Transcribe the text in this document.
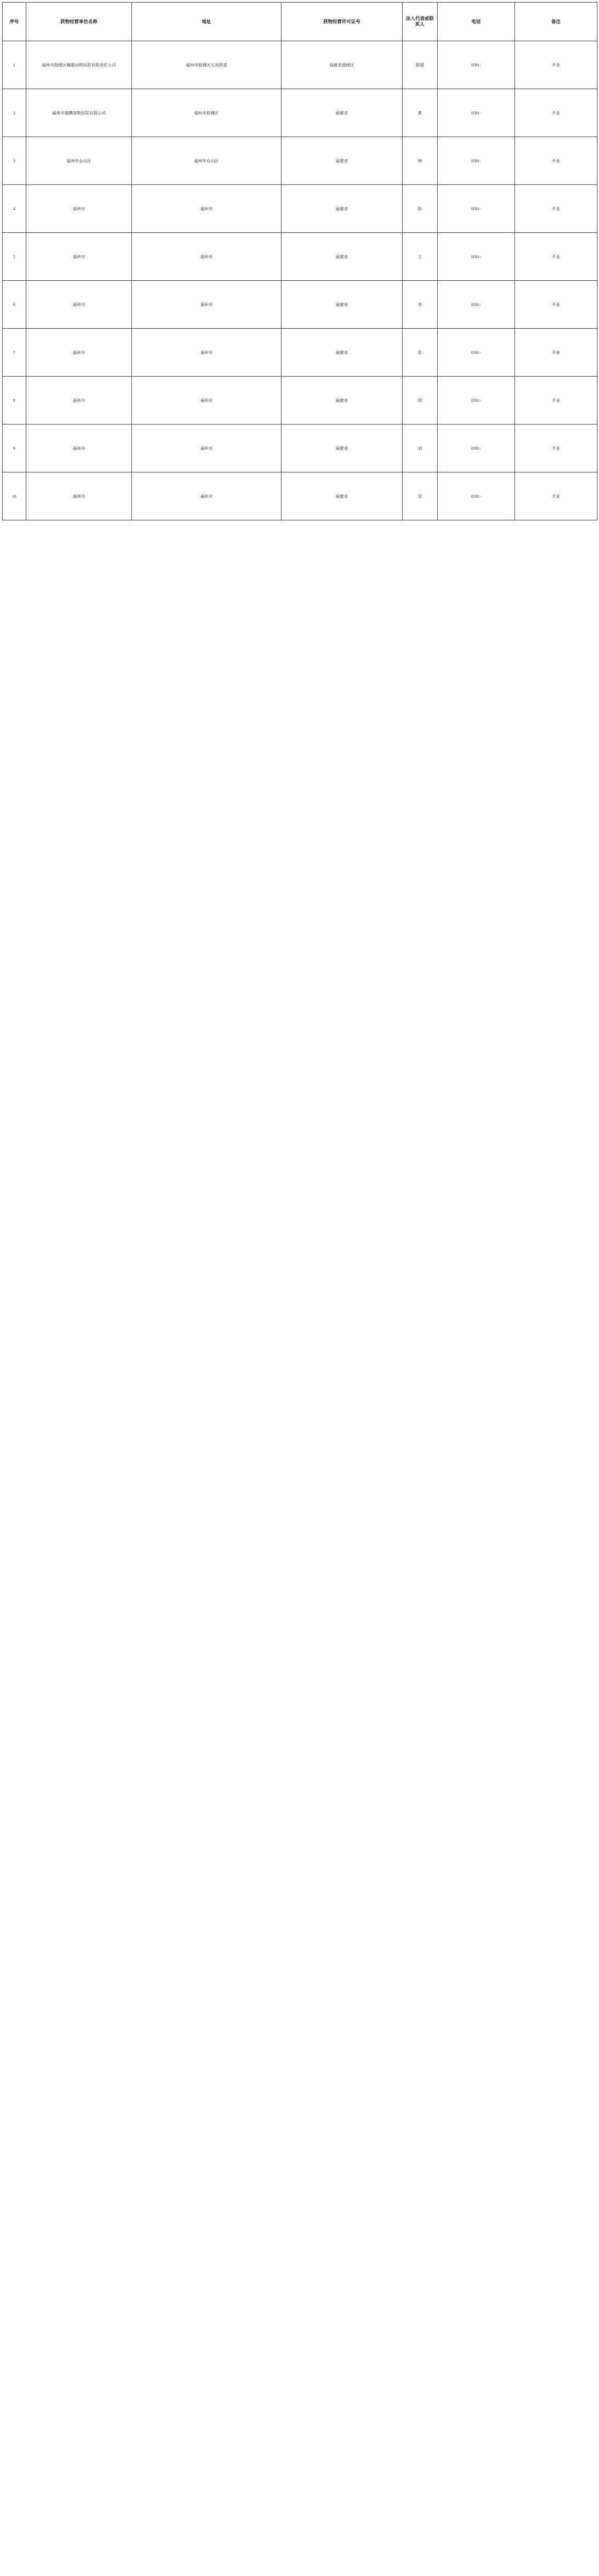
序号	获物经营单位名称	地址	获物经营许可证号	法人代表或联系人	电话	备注
1	福州市鼓楼区瀚超动物医院有限责任公司	福州市鼓楼区五凤街道	福建省鼓楼区	陈超	0591-	开业
2	福州市瑞鹏宠物医院有限公司	福州市鼓楼区	福建省	黄	0591-	开业
3	福州市仓山区	福州市仓山区	福建省	林	0591-	开业
4	福州市	福州市	福建省	陈	0591-	开业
5	福州市	福州市	福建省	王	0591-	开业
6	福州市	福州市	福建省	李	0591-	开业
7	福州市	福州市	福建省	张	0591-	开业
8	福州市	福州市	福建省	郑	0591-	开业
9	福州市	福州市	福建省	刘	0591-	开业
10	福州市	福州市	福建省	吴	0591-	开业
